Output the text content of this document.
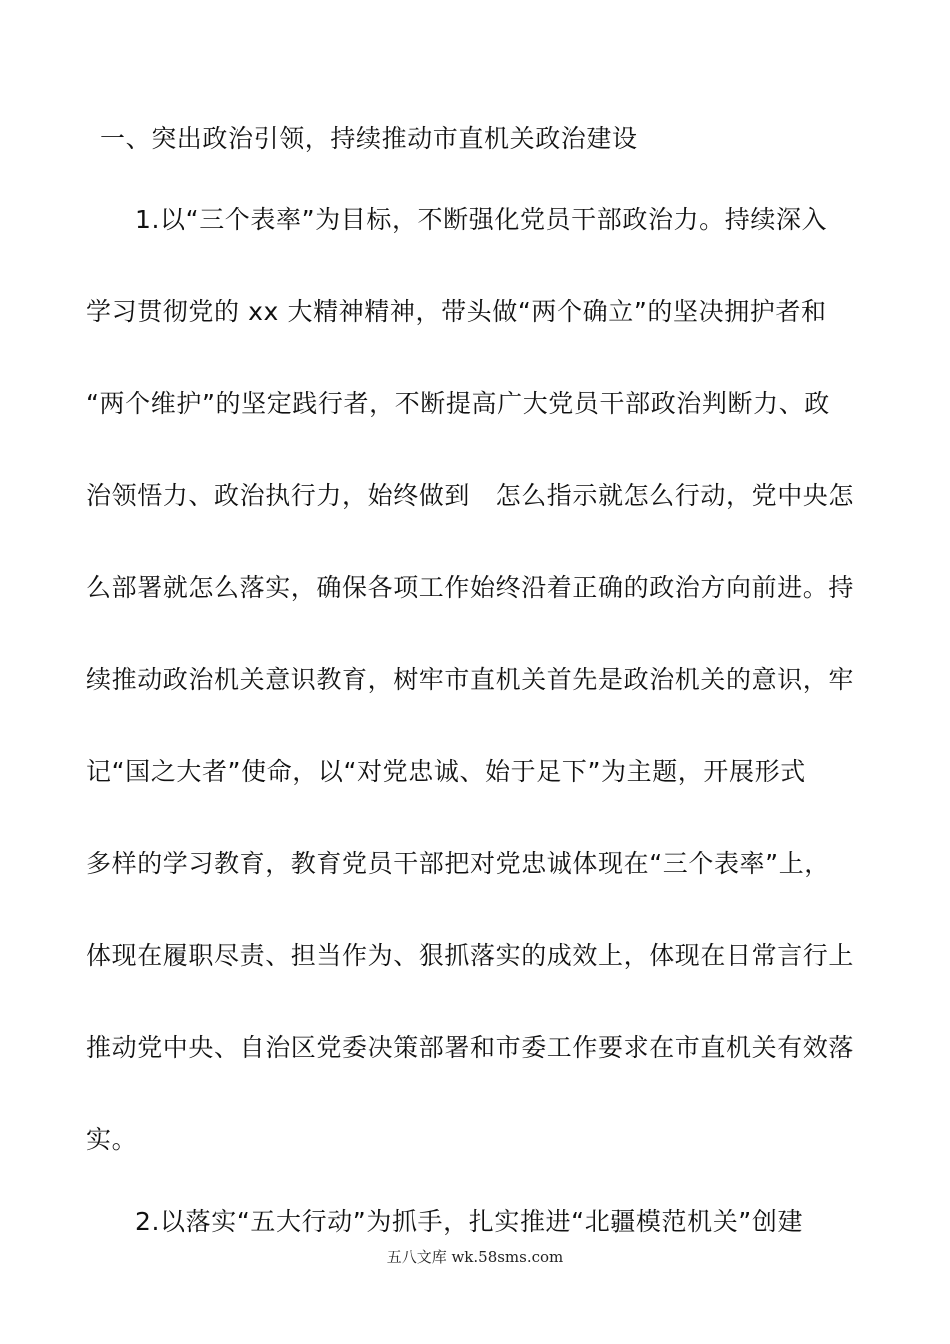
一、突出政治引领，持续推动市直机关政治建设
1.以“三个表率”为目标，不断强化党员干部政治力。持续深入
学习贯彻党的 xx 大精神精神，带头做“两个确立”的坚决拥护者和
“两个维护”的坚定践行者，不断提高广大党员干部政治判断力、政
治领悟力、政治执行力，始终做到　怎么指示就怎么行动，党中央怎
么部署就怎么落实，确保各项工作始终沿着正确的政治方向前进。持
续推动政治机关意识教育，树牢市直机关首先是政治机关的意识，牢
记“国之大者”使命，以“对党忠诚、始于足下”为主题，开展形式
多样的学习教育，教育党员干部把对党忠诚体现在“三个表率”上，
体现在履职尽责、担当作为、狠抓落实的成效上，体现在日常言行上
推动党中央、自治区党委决策部署和市委工作要求在市直机关有效落
实。
2.以落实“五大行动”为抓手，扎实推进“北疆模范机关”创建
五八文库 wk.58sms.com
